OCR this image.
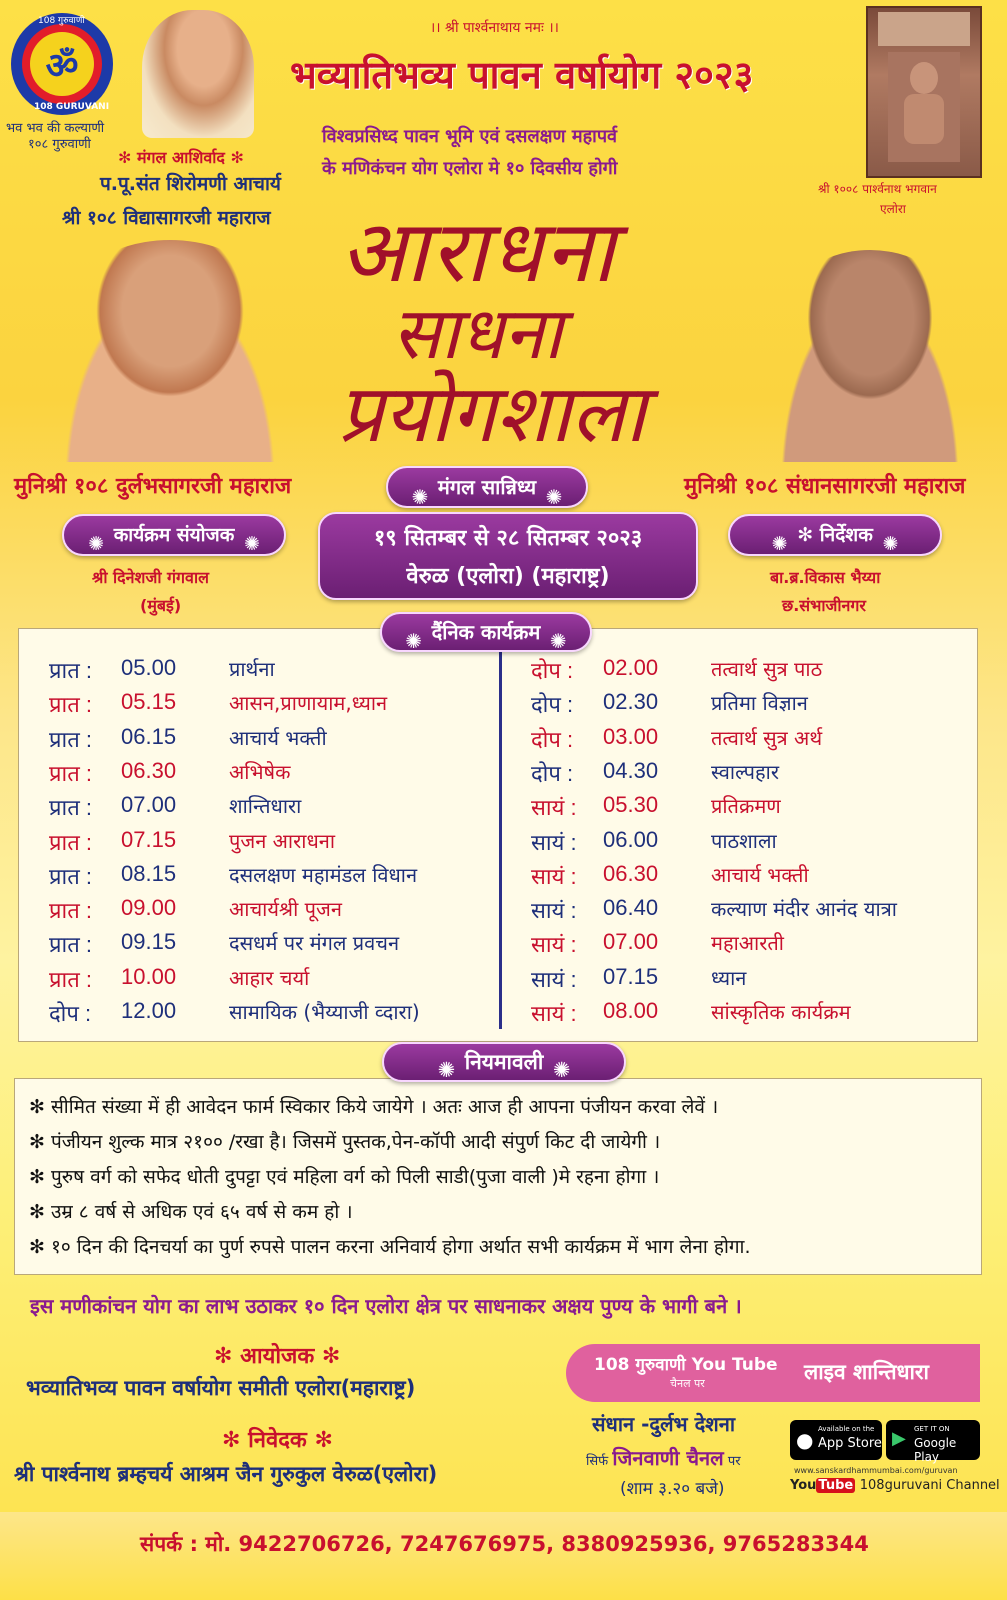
ॐ
108 गुरुवाणी
108 GURUVANI
भव भव की कल्याणी
१०८ गुरुवाणी
✻ मंगल आशिर्वाद ✻
प.पू.संत शिरोमणी आचार्य
श्री १०८ विद्यासागरजी महाराज
।। श्री पार्श्वनाथाय नमः ।।
भव्यातिभव्य पावन वर्षायोग २०२३
विश्वप्रसिध्द पावन भूमि एवं दसलक्षण महापर्व
के मणिकंचन योग एलोरा मे १० दिवसीय होगी
श्री १००८ पार्श्वनाथ भगवान
एलोरा
आराधना
साधना
प्रयोगशाला
मुनिश्री १०८ दुर्लभसागरजी महाराज	मुनिश्री १०८ संधानसागरजी महाराज
✺ मंगल सान्निध्य ✺
✺ कार्यक्रम संयोजक ✺
श्री दिनेशजी गंगवाल
(मुंबई)
१९ सितम्बर से २८ सितम्बर २०२३
वेरुळ (एलोरा) (महाराष्ट्र)
✺ ✻ निर्देशक ✺
बा.ब्र.विकास भैय्या
छ.संभाजीनगर
प्रात : 05.00	प्रार्थना
प्रात : 05.15	आसन,प्राणायाम,ध्यान
प्रात : 06.15	आचार्य भक्ती
प्रात : 06.30	अभिषेक
प्रात : 07.00	शान्तिधारा
प्रात : 07.15	पुजन आराधना
प्रात : 08.15	दसलक्षण महामंडल विधान
प्रात : 09.00	आचार्यश्री पूजन
प्रात : 09.15	दसधर्म पर मंगल प्रवचन
प्रात : 10.00	आहार चर्या
दोप : 12.00	सामायिक (भैय्याजी व्दारा)
दोप : 02.00	तत्वार्थ सुत्र पाठ
दोप : 02.30	प्रतिमा विज्ञान
दोप : 03.00	तत्वार्थ सुत्र अर्थ
दोप : 04.30	स्वाल्पहार
सायं : 05.30	प्रतिक्रमण
सायं : 06.00	पाठशाला
सायं : 06.30	आचार्य भक्ती
सायं : 06.40	कल्याण मंदीर आनंद यात्रा
सायं : 07.00	महाआरती
सायं : 07.15	ध्यान
सायं : 08.00	सांस्कृतिक कार्यक्रम
✺ दैंनिक कार्यक्रम ✺
✻ सीमित संख्या में ही आवेदन फार्म स्विकार किये जायेगे । अतः आज ही आपना पंजीयन करवा लेवें ।
✻ पंजीयन शुल्क मात्र २१०० /रखा है। जिसमें पुस्तक,पेन-कॉपी आदी संपुर्ण किट दी जायेगी ।
✻ पुरुष वर्ग को सफेद धोती दुपट्टा एवं महिला वर्ग को पिली साडी(पुजा वाली )मे रहना होगा ।
✻ उम्र ८ वर्ष से अधिक एवं ६५ वर्ष से कम हो ।
✻ १० दिन की दिनचर्या का पुर्ण रुपसे पालन करना अनिवार्य होगा अर्थात सभी कार्यक्रम में भाग लेना होगा.
✺ नियमावली ✺
इस मणीकांचन योग का लाभ उठाकर १० दिन एलोरा क्षेत्र पर साधनाकर अक्षय पुण्य के भागी बने ।
✻ आयोजक ✻
भव्यातिभव्य पावन वर्षायोग समीती एलोरा(महाराष्ट्र)
✻ निवेदक ✻
श्री पार्श्वनाथ ब्रम्हचर्य आश्रम जैन गुरुकुल वेरुळ(एलोरा)
108 गुरुवाणी You Tube
चैनल पर	लाइव शान्तिधारा
संधान -दुर्लभ देशना
सिर्फ जिनवाणी चैनल पर
(शाम ३.२० बजे)
● Available on the
App Store ▶ GET IT ON
Google Play
www.sanskardhammumbai.com/guruvan
You Tube 108guruvani Channel
संपर्क : मो. 9422706726, 7247676975, 8380925936, 9765283344
